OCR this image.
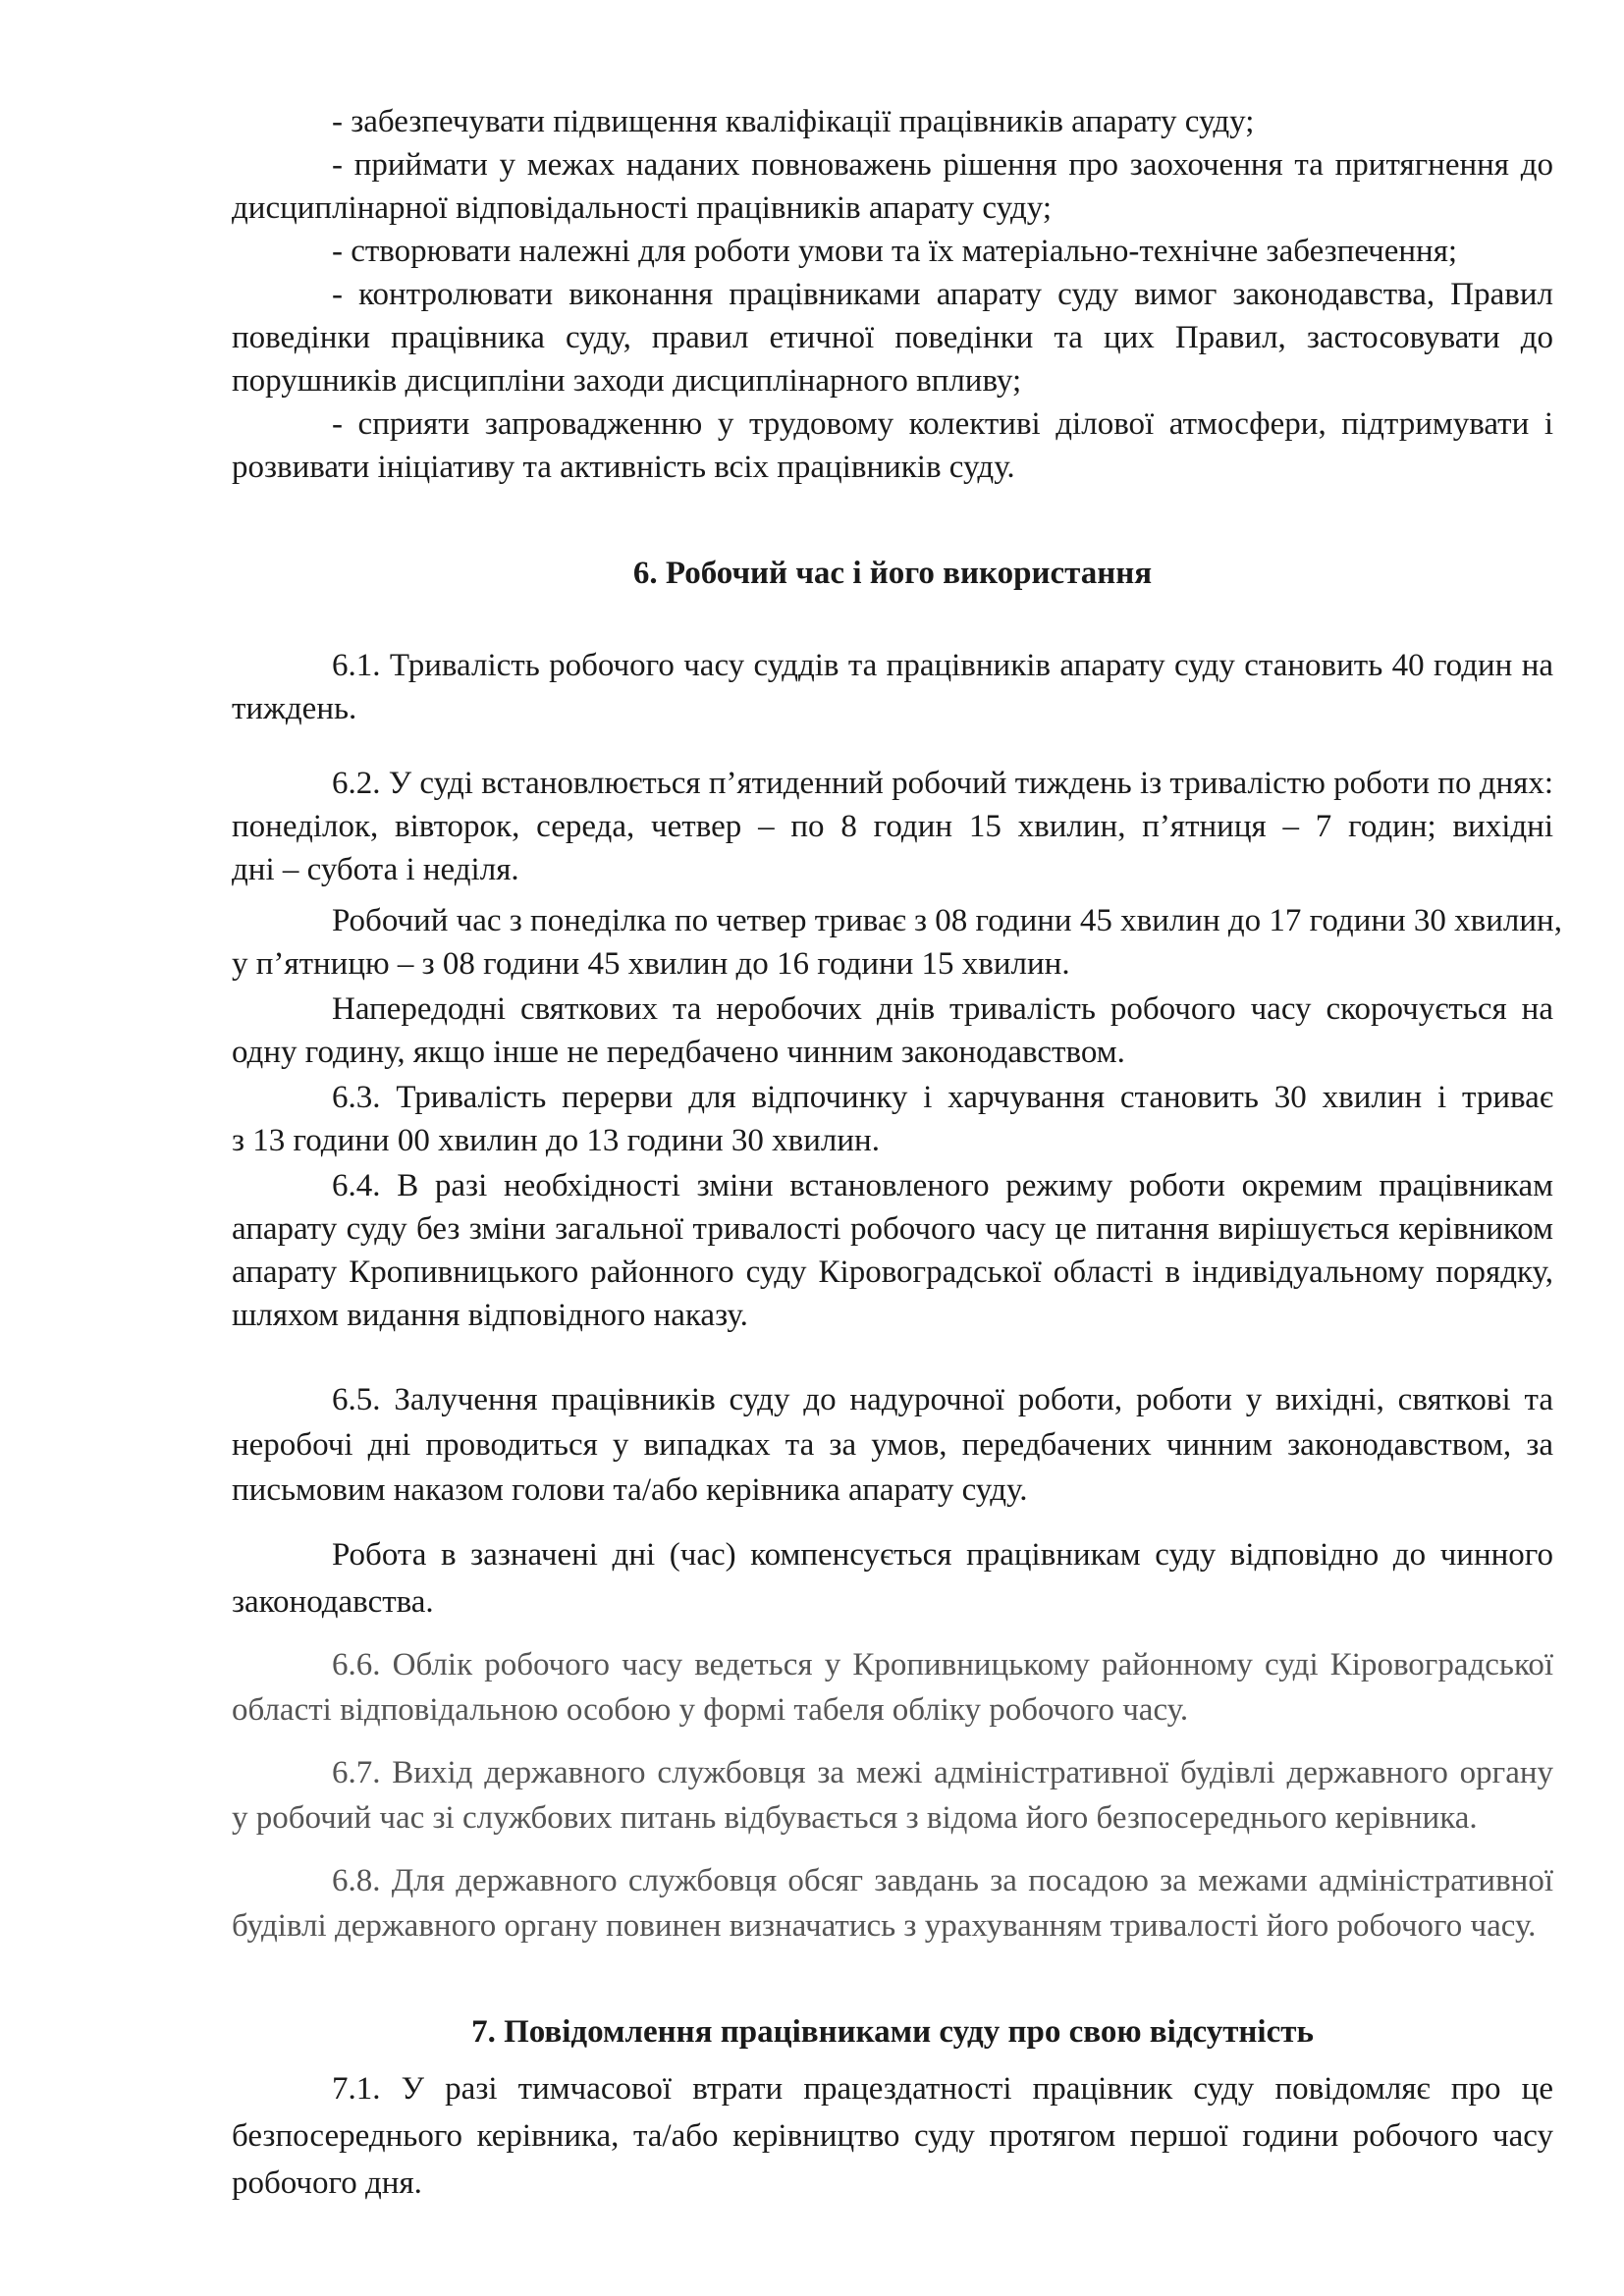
- забезпечувати підвищення кваліфікації працівників апарату суду;
- приймати у межах наданих повноважень рішення про заохочення та притягнення до
дисциплінарної відповідальності працівників апарату суду;
- створювати належні для роботи умови та їх матеріально-технічне забезпечення;
- контролювати виконання працівниками апарату суду вимог законодавства, Правил
поведінки працівника суду, правил етичної поведінки та цих Правил, застосовувати до
порушників дисципліни заходи дисциплінарного впливу;
- сприяти запровадженню у трудовому колективі ділової атмосфери, підтримувати і
розвивати ініціативу та активність всіх працівників суду.
6. Робочий час і його використання
6.1. Тривалість робочого часу суддів та працівників апарату суду становить 40 годин на
тиждень.
6.2. У суді встановлюється п’ятиденний робочий тиждень із тривалістю роботи по днях:
понеділок, вівторок, середа, четвер – по 8 годин 15 хвилин, п’ятниця – 7 годин; вихідні
дні – субота і неділя.
Робочий час з понеділка по четвер триває з 08 години 45 хвилин до 17 години 30 хвилин,
у п’ятницю – з 08 години 45 хвилин до 16 години 15 хвилин.
Напередодні святкових та неробочих днів тривалість робочого часу скорочується на
одну годину, якщо інше не передбачено чинним законодавством.
6.3. Тривалість перерви для відпочинку і харчування становить 30 хвилин і триває
з 13 години 00 хвилин до 13 години 30 хвилин.
6.4. В разі необхідності зміни встановленого режиму роботи окремим працівникам
апарату суду без зміни загальної тривалості робочого часу це питання вирішується керівником
апарату Кропивницького районного суду Кіровоградської області в індивідуальному порядку,
шляхом видання відповідного наказу.
6.5. Залучення працівників суду до надурочної роботи, роботи у вихідні, святкові та
неробочі дні проводиться у випадках та за умов, передбачених чинним законодавством, за
письмовим наказом голови та/або керівника апарату суду.
Робота в зазначені дні (час) компенсується працівникам суду відповідно до чинного
законодавства.
6.6. Облік робочого часу ведеться у Кропивницькому районному суді Кіровоградської
області відповідальною особою у формі табеля обліку робочого часу.
6.7. Вихід державного службовця за межі адміністративної будівлі державного органу
у робочий час зі службових питань відбувається з відома його безпосереднього керівника.
6.8. Для державного службовця обсяг завдань за посадою за межами адміністративної
будівлі державного органу повинен визначатись з урахуванням тривалості його робочого часу.
7. Повідомлення працівниками суду про свою відсутність
7.1. У разі тимчасової втрати працездатності працівник суду повідомляє про це
безпосереднього керівника, та/або керівництво суду протягом першої години робочого часу
робочого дня.
